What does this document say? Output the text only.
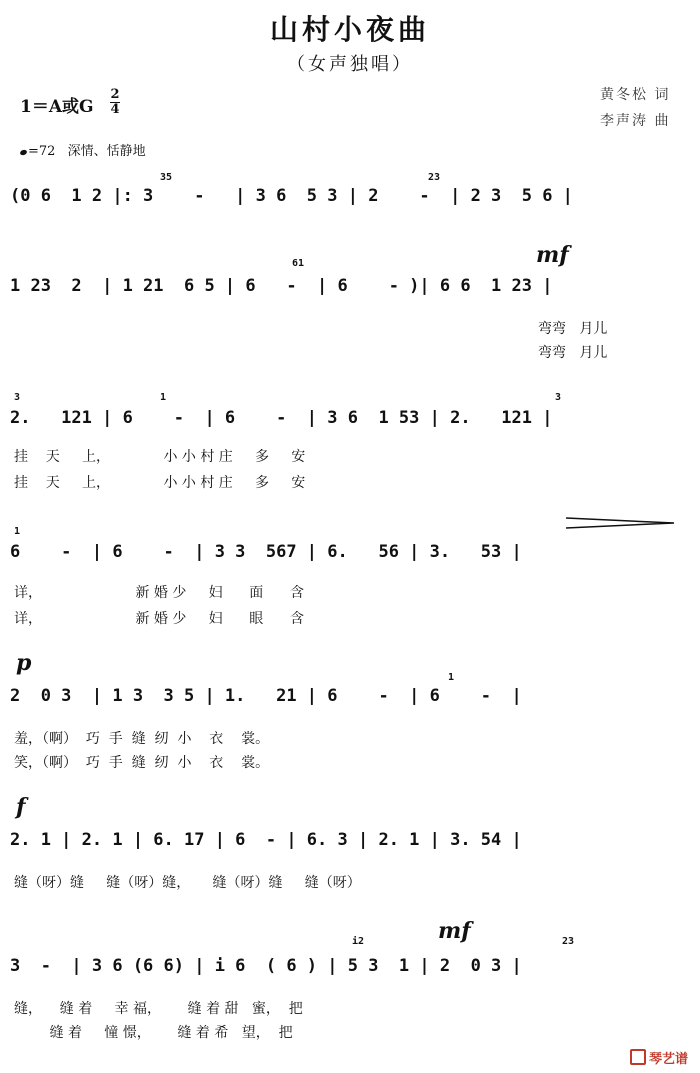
山村小夜曲
（女声独唱）
1＝A或G
2
4
黄冬松 词
李声涛 曲
=72 深情、恬静地
35	23
(0 6  1 2 |: 3    -   | 3 6  5 3 | 2    -  | 2 3  5 6 |
mf
61
1 23  2  | 1 21  6 5 | 6   -  | 6    - )| 6 6  1 23 |
弯弯   月儿
弯弯   月儿
3	1	3
2.   121 | 6    -  | 6    -  | 3 6  1 53 | 2.   121 |
挂    天     上，            小 小 村 庄     多     安
挂    天     上，            小 小 村 庄     多     安
1
6    -  | 6    -  | 3 3  567 | 6.   56 | 3.   53 |
详，                     新 婚 少     妇      面      含
详，                     新 婚 少     妇      眼      含
p
1
2  0 3  | 1 3  3 5 | 1.   21 | 6    -  | 6    -  |
羞，（啊）  巧  手  缝  纫  小    衣    裳。
笑，（啊）  巧  手  缝  纫  小    衣    裳。
f
2. 1 | 2. 1 | 6. 17 | 6  - | 6. 3 | 2. 1 | 3. 54 |
缝（呀）缝     缝（呀）缝，     缝（呀）缝     缝（呀）
mf
i2	23
3  -  | 3 6 (6 6) | i 6  ( 6 ) | 5 3  1 | 2  0 3 |
缝，    缝 着     幸 福，      缝 着 甜   蜜，  把
缝 着     憧 憬，      缝 着 希   望，  把
琴艺谱
